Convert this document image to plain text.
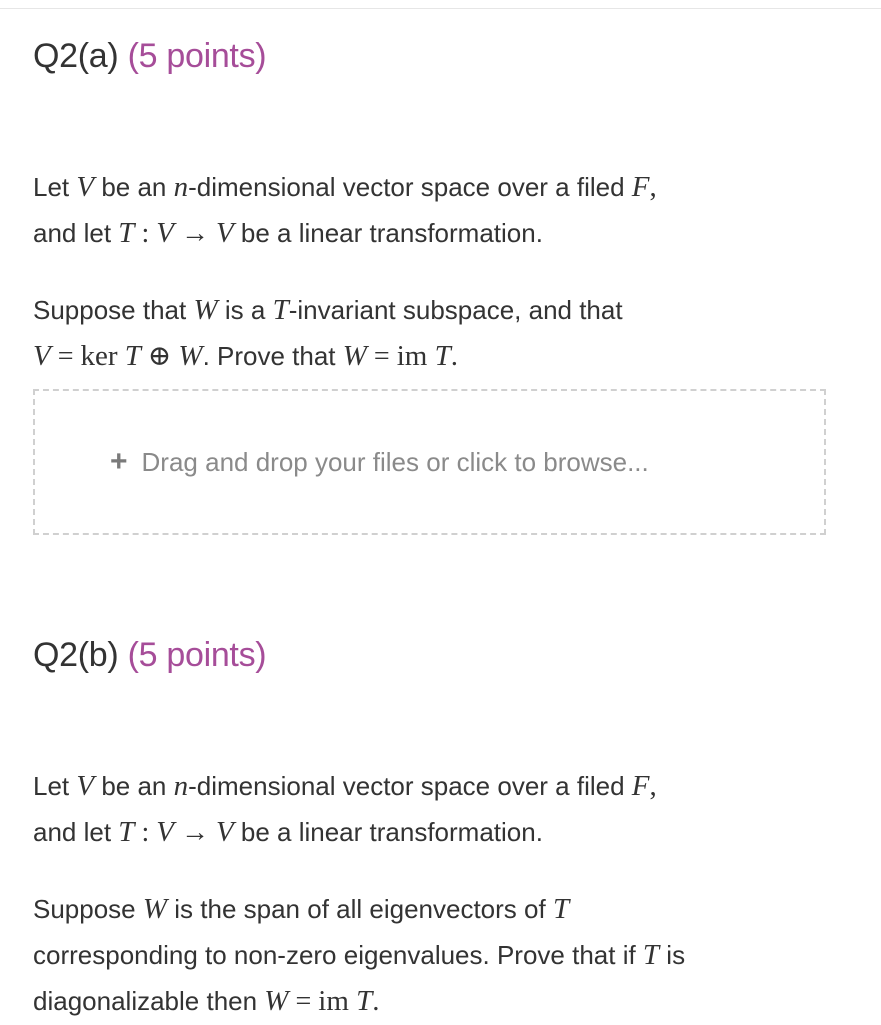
Q2(a) (5 points)
Let V be an n-dimensional vector space over a filed F,
and let T : V → V be a linear transformation.
Suppose that W is a T-invariant subspace, and that
V = ker T ⊕ W. Prove that W = im T.
+ Drag and drop your files or click to browse...
Q2(b) (5 points)
Let V be an n-dimensional vector space over a filed F,
and let T : V → V be a linear transformation.
Suppose W is the span of all eigenvectors of T
corresponding to non-zero eigenvalues. Prove that if T is
diagonalizable then W = im T.
